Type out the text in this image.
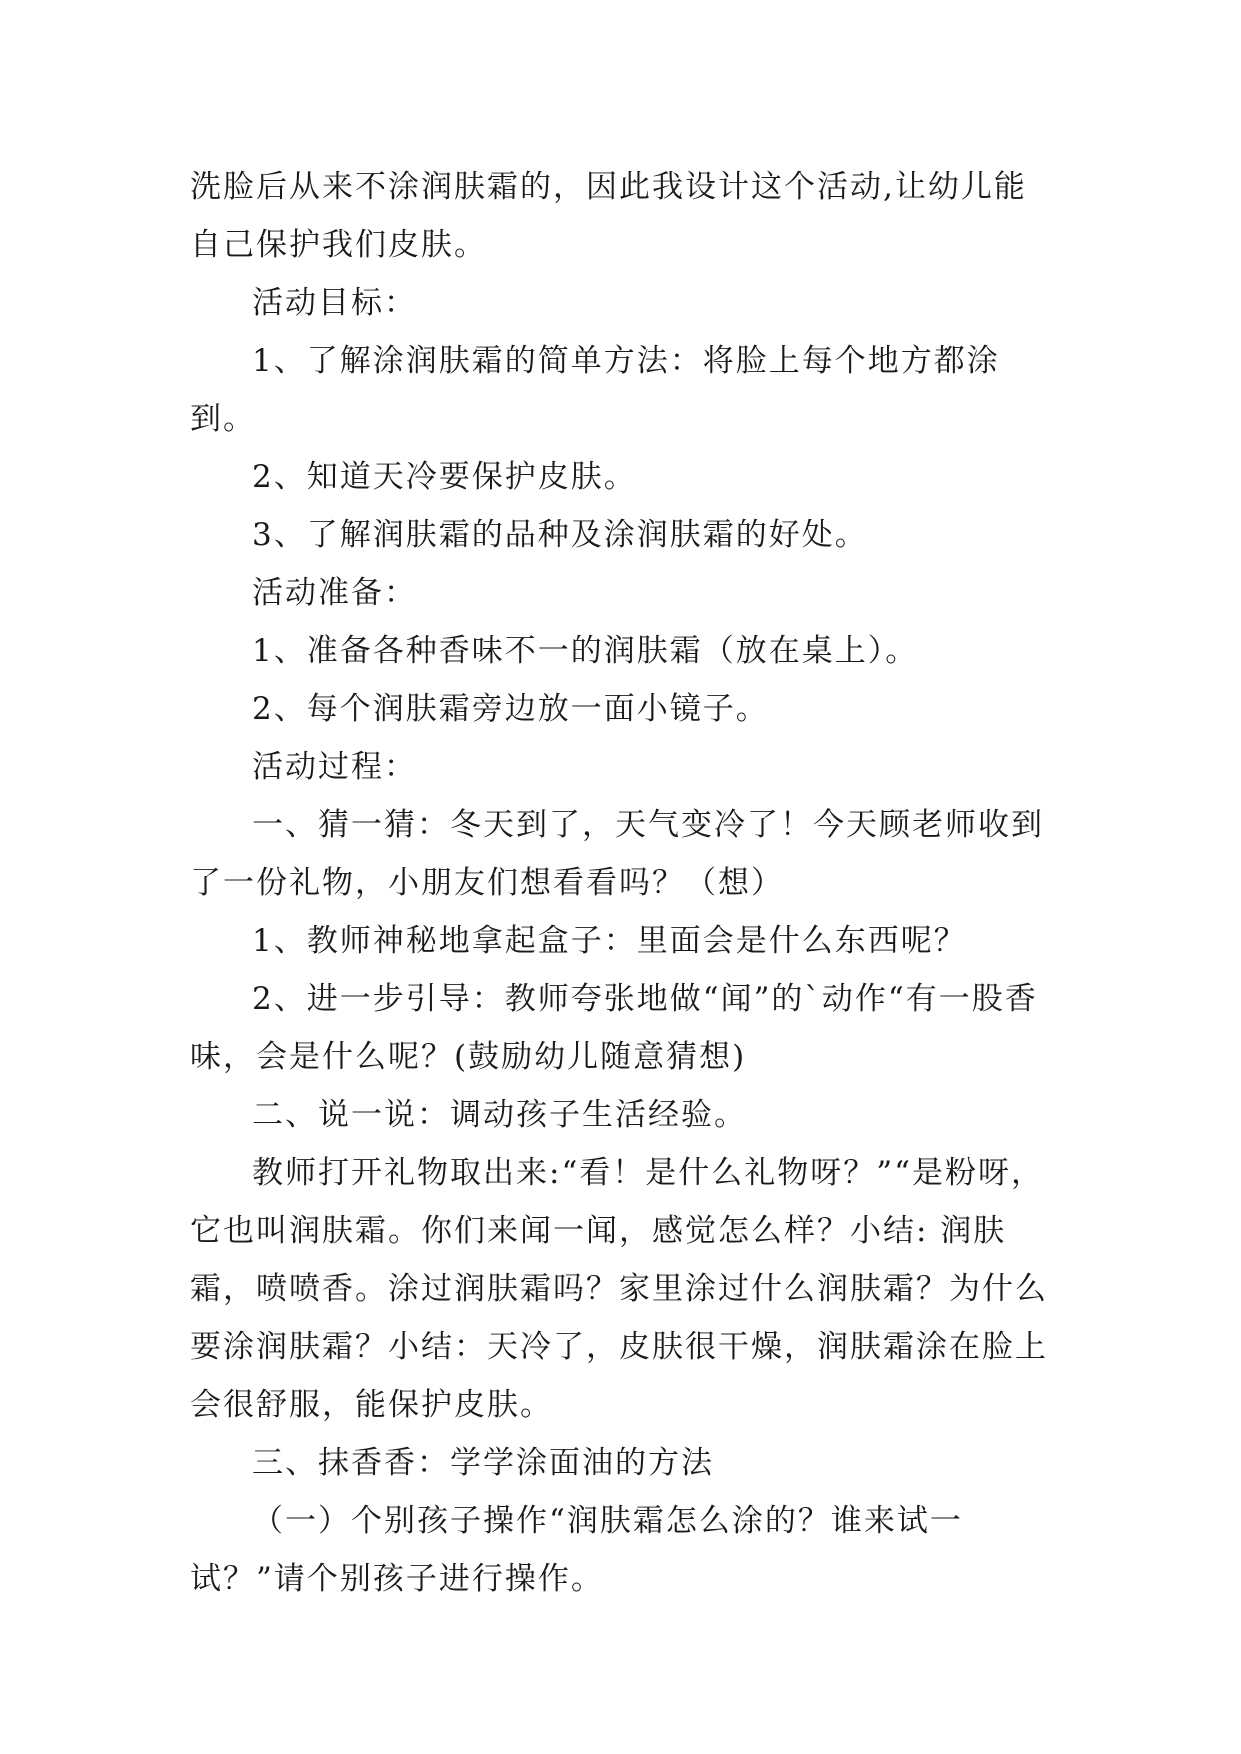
洗脸后从来不涂润肤霜的，因此我设计这个活动,让幼儿能自己保护我们皮肤。

活动目标：

1、了解涂润肤霜的简单方法：将脸上每个地方都涂到。

2、知道天冷要保护皮肤。

3、了解润肤霜的品种及涂润肤霜的好处。

活动准备：

1、准备各种香味不一的润肤霜（放在桌上）。

2、每个润肤霜旁边放一面小镜子。

活动过程：

一、猜一猜：冬天到了，天气变冷了！今天顾老师收到了一份礼物，小朋友们想看看吗？（想）

1、教师神秘地拿起盒子：里面会是什么东西呢？

2、进一步引导：教师夸张地做“闻”的`动作“有一股香味，会是什么呢？(鼓励幼儿随意猜想)

二、说一说：调动孩子生活经验。

教师打开礼物取出来:“看！是什么礼物呀？”“是粉呀，它也叫润肤霜。你们来闻一闻，感觉怎么样？小结: 润肤霜，喷喷香。涂过润肤霜吗？家里涂过什么润肤霜？为什么要涂润肤霜？小结：天冷了，皮肤很干燥，润肤霜涂在脸上会很舒服，能保护皮肤。

三、抹香香：学学涂面油的方法

（一）个别孩子操作“润肤霜怎么涂的？谁来试一试？”请个别孩子进行操作。
